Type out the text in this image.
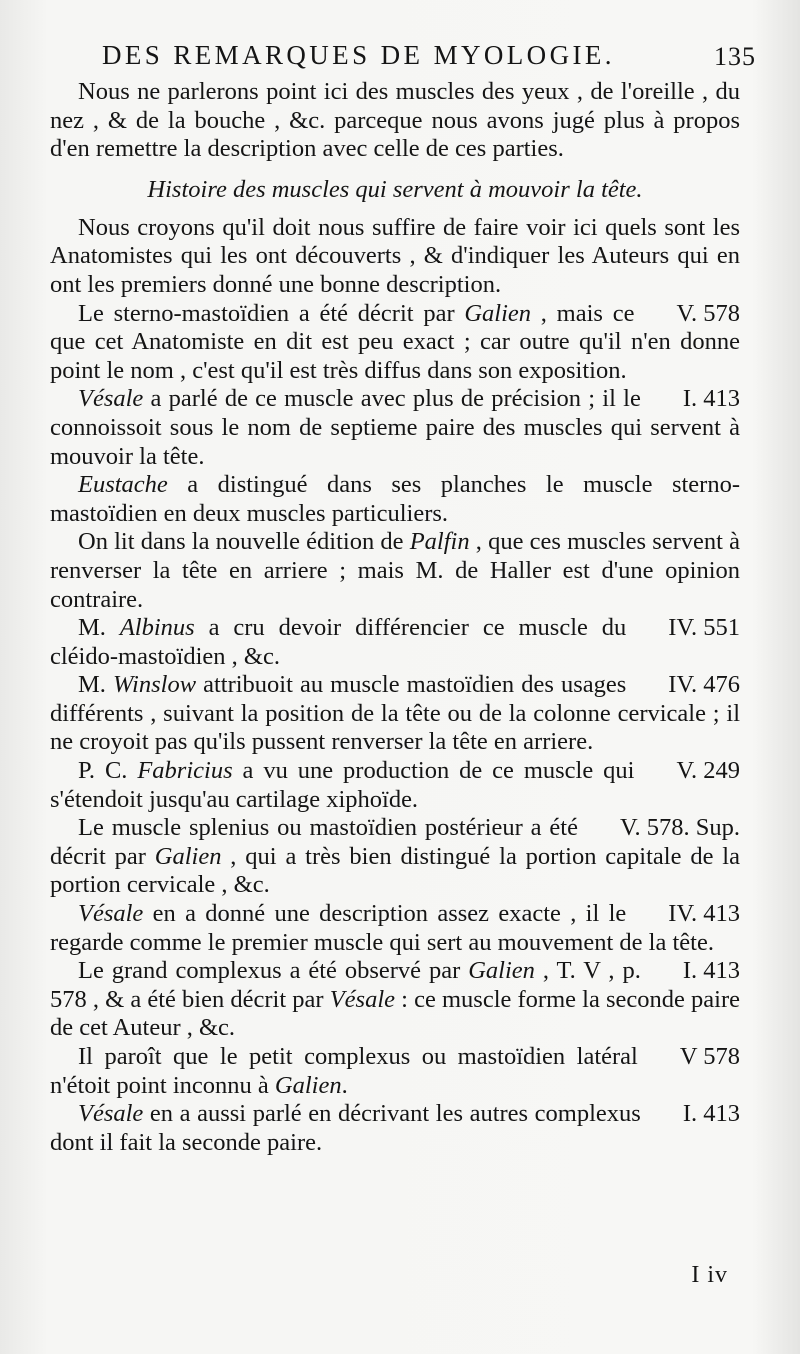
DES REMARQUES DE MYOLOGIE.	135

Nous ne parlerons point ici des muscles des yeux , de l'oreille , du nez , & de la bouche , &c. parceque nous avons jugé plus à propos d'en remettre la description avec celle de ces parties.

Histoire des muscles qui servent à mouvoir la tête.

Nous croyons qu'il doit nous suffire de faire voir ici quels sont les Anatomistes qui les ont découverts , & d'indiquer les Auteurs qui en ont les premiers donné une bonne description.

V. 578
Le sterno-mastoïdien a été décrit par Galien , mais ce que cet Anatomiste en dit est peu exact ; car outre qu'il n'en donne point le nom , c'est qu'il est très diffus dans son exposition.

I. 413
Vésale a parlé de ce muscle avec plus de précision ; il le connoissoit sous le nom de septieme paire des muscles qui servent à mouvoir la tête.

Eustache a distingué dans ses planches le muscle sterno-mastoïdien en deux muscles particuliers.

On lit dans la nouvelle édition de Palfin , que ces muscles servent à renverser la tête en arriere ; mais M. de Haller est d'une opinion contraire.

IV. 551
M. Albinus a cru devoir différencier ce muscle du cléido-mastoïdien , &c.

IV. 476
M. Winslow attribuoit au muscle mastoïdien des usages différents , suivant la position de la tête ou de la colonne cervicale ; il ne croyoit pas qu'ils pussent renverser la tête en arriere.

V. 249
P. C. Fabricius a vu une production de ce muscle qui s'étendoit jusqu'au cartilage xiphoïde.

V. 578. Sup.
Le muscle splenius ou mastoïdien postérieur a été décrit par Galien , qui a très bien distingué la portion capitale de la portion cervicale , &c.

IV. 413
Vésale en a donné une description assez exacte , il le regarde comme le premier muscle qui sert au mouvement de la tête.

I. 413
Le grand complexus a été observé par Galien , T. V , p. 578 , & a été bien décrit par Vésale : ce muscle forme la seconde paire de cet Auteur , &c.

V 578
Il paroît que le petit complexus ou mastoïdien latéral n'étoit point inconnu à Galien.

I. 413
Vésale en a aussi parlé en décrivant les autres complexus dont il fait la seconde paire.

I iv
